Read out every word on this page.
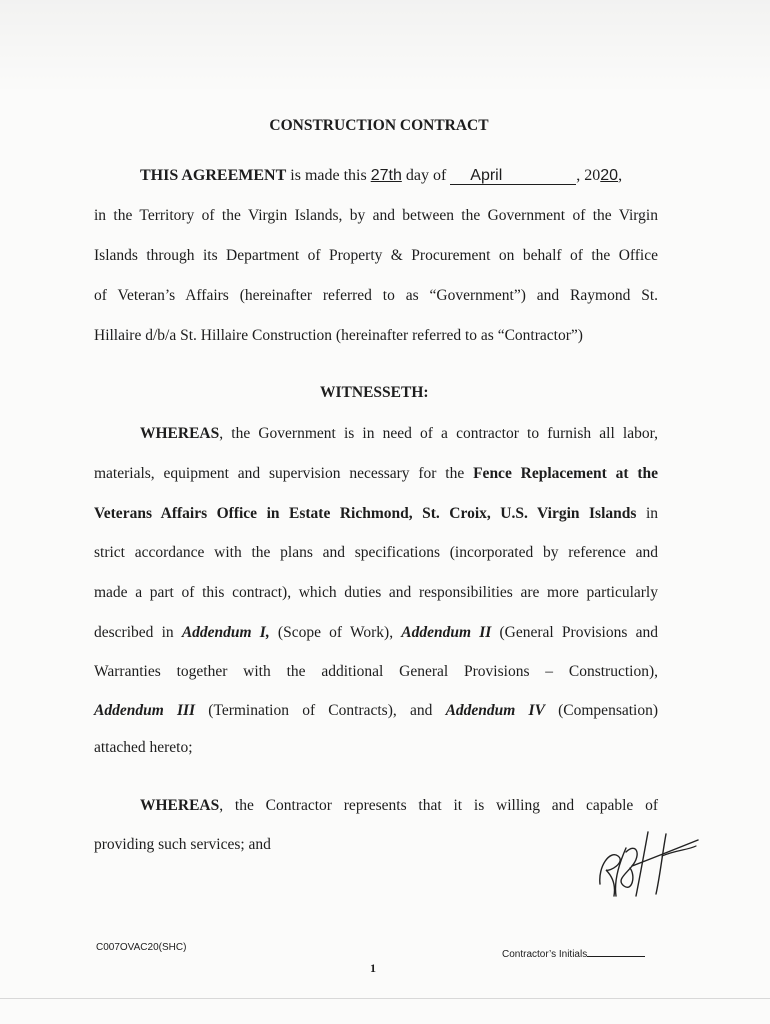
CONSTRUCTION CONTRACT
THIS AGREEMENT is made this 27th day of April	, 2020,
in the Territory of the Virgin Islands, by and between the Government of the Virgin
Islands through its Department of Property & Procurement on behalf of the Office
of Veteran’s Affairs (hereinafter referred to as “Government”) and Raymond St.
Hillaire d/b/a St. Hillaire Construction (hereinafter referred to as “Contractor”)
WITNESSETH:
WHEREAS, the Government is in need of a contractor to furnish all labor,
materials, equipment and supervision necessary for the Fence Replacement at the
Veterans Affairs Office in Estate Richmond, St. Croix, U.S. Virgin Islands in
strict accordance with the plans and specifications (incorporated by reference and
made a part of this contract), which duties and responsibilities are more particularly
described in Addendum I, (Scope of Work), Addendum II (General Provisions and
Warranties together with the additional General Provisions – Construction),
Addendum III (Termination of Contracts), and Addendum IV (Compensation)
attached hereto;
WHEREAS, the Contractor represents that it is willing and capable of
providing such services; and
C007OVAC20(SHC)
Contractor’s Initials
1
